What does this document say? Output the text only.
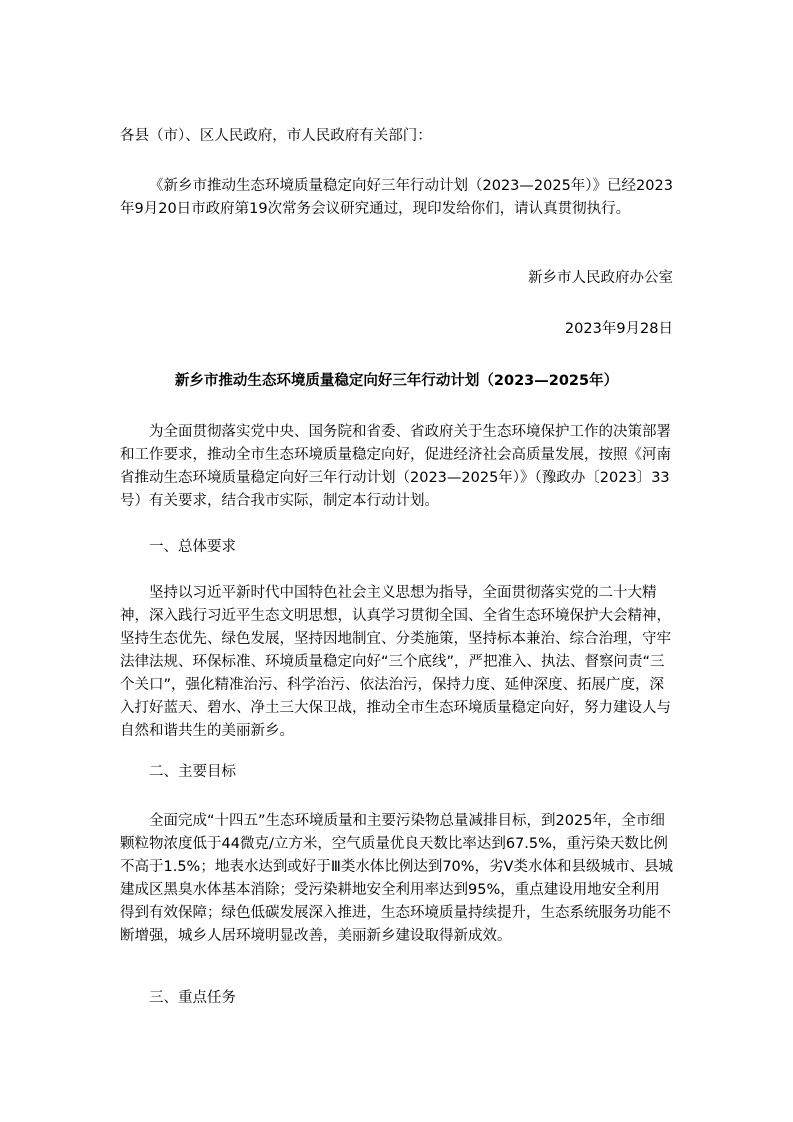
各县（市）、区人民政府，市人民政府有关部门：

《新乡市推动生态环境质量稳定向好三年行动计划（2023—2025年）》已经2023年9月20日市政府第19次常务会议研究通过，现印发给你们，请认真贯彻执行。

新乡市人民政府办公室

2023年9月28日

新乡市推动生态环境质量稳定向好三年行动计划（2023—2025年）

为全面贯彻落实党中央、国务院和省委、省政府关于生态环境保护工作的决策部署和工作要求，推动全市生态环境质量稳定向好，促进经济社会高质量发展，按照《河南省推动生态环境质量稳定向好三年行动计划（2023—2025年）》（豫政办〔2023〕33号）有关要求，结合我市实际，制定本行动计划。

一、总体要求

坚持以习近平新时代中国特色社会主义思想为指导，全面贯彻落实党的二十大精神，深入践行习近平生态文明思想，认真学习贯彻全国、全省生态环境保护大会精神，坚持生态优先、绿色发展，坚持因地制宜、分类施策，坚持标本兼治、综合治理，守牢法律法规、环保标准、环境质量稳定向好“三个底线”，严把准入、执法、督察问责“三个关口”，强化精准治污、科学治污、依法治污，保持力度、延伸深度、拓展广度，深入打好蓝天、碧水、净土三大保卫战，推动全市生态环境质量稳定向好，努力建设人与自然和谐共生的美丽新乡。

二、主要目标

全面完成“十四五”生态环境质量和主要污染物总量减排目标，到2025年，全市细颗粒物浓度低于44微克/立方米，空气质量优良天数比率达到67.5%，重污染天数比例不高于1.5%；地表水达到或好于Ⅲ类水体比例达到70%，劣Ⅴ类水体和县级城市、县城建成区黑臭水体基本消除；受污染耕地安全利用率达到95%，重点建设用地安全利用得到有效保障；绿色低碳发展深入推进，生态环境质量持续提升，生态系统服务功能不断增强，城乡人居环境明显改善，美丽新乡建设取得新成效。

三、重点任务
